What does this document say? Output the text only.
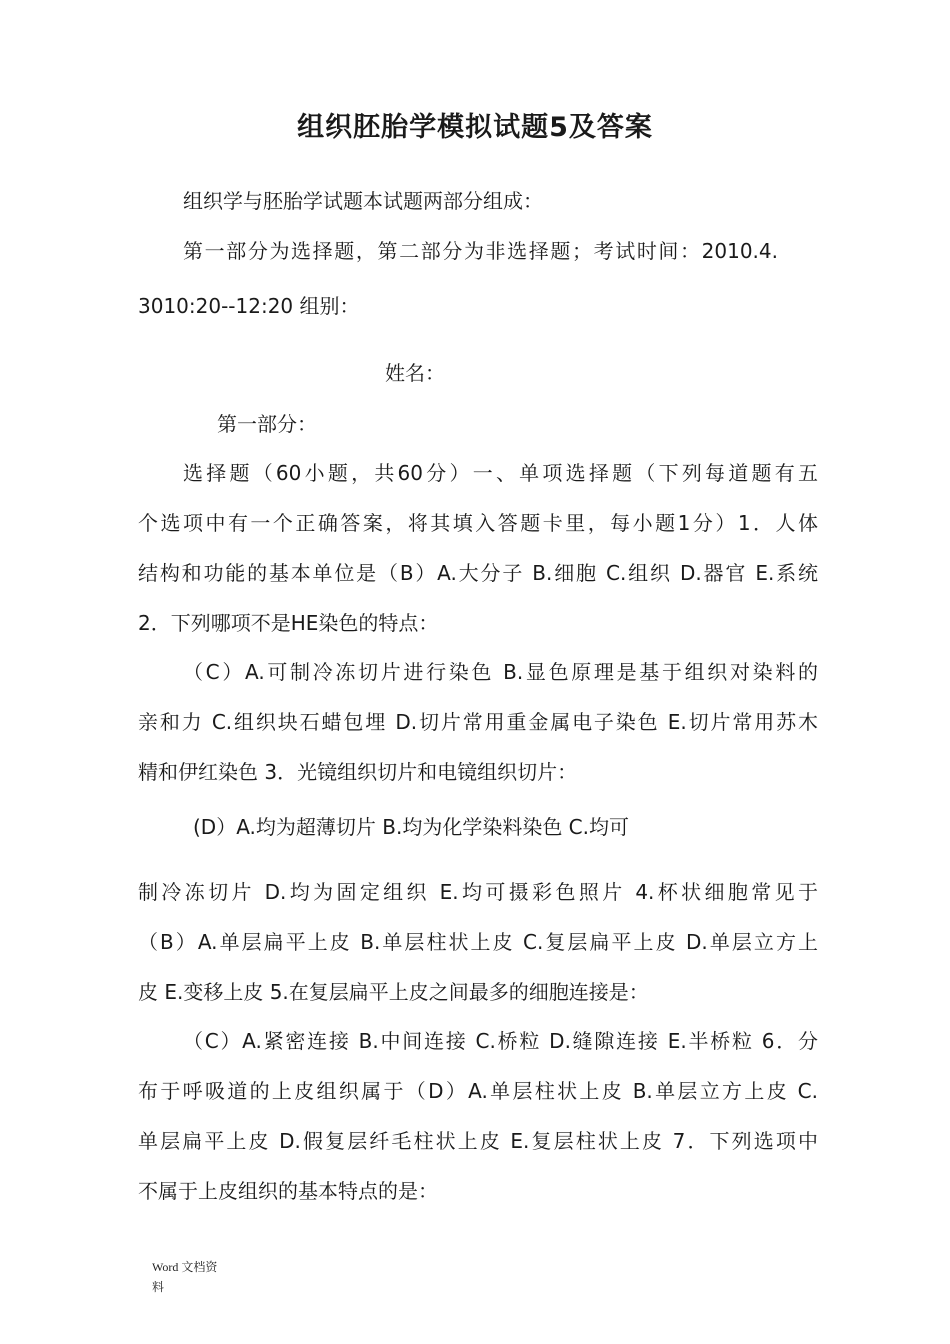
组织胚胎学模拟试题5及答案

组织学与胚胎学试题本试题两部分组成：

第一部分为选择题，第二部分为非选择题；考试时间：2010.4.

3010:20--12:20 组别：

姓名：

第一部分：

选择题（60小题，共60分）一、单项选择题（下列每道题有五

个选项中有一个正确答案，将其填入答题卡里，每小题1分）1．人体

结构和功能的基本单位是（B）A.大分子 B.细胞 C.组织 D.器官 E.系统

2．下列哪项不是HE染色的特点：

（C）A.可制冷冻切片进行染色 B.显色原理是基于组织对染料的

亲和力 C.组织块石蜡包埋 D.切片常用重金属电子染色 E.切片常用苏木

精和伊红染色 3．光镜组织切片和电镜组织切片：

(D）A.均为超薄切片 B.均为化学染料染色 C.均可

制冷冻切片 D.均为固定组织 E.均可摄彩色照片 4.杯状细胞常见于

（B）A.单层扁平上皮 B.单层柱状上皮 C.复层扁平上皮 D.单层立方上

皮 E.变移上皮 5.在复层扁平上皮之间最多的细胞连接是：

（C）A.紧密连接 B.中间连接 C.桥粒 D.缝隙连接 E.半桥粒 6．分

布于呼吸道的上皮组织属于（D）A.单层柱状上皮 B.单层立方上皮 C.

单层扁平上皮 D.假复层纤毛柱状上皮 E.复层柱状上皮 7．下列选项中

不属于上皮组织的基本特点的是：

Word 文档资
料
